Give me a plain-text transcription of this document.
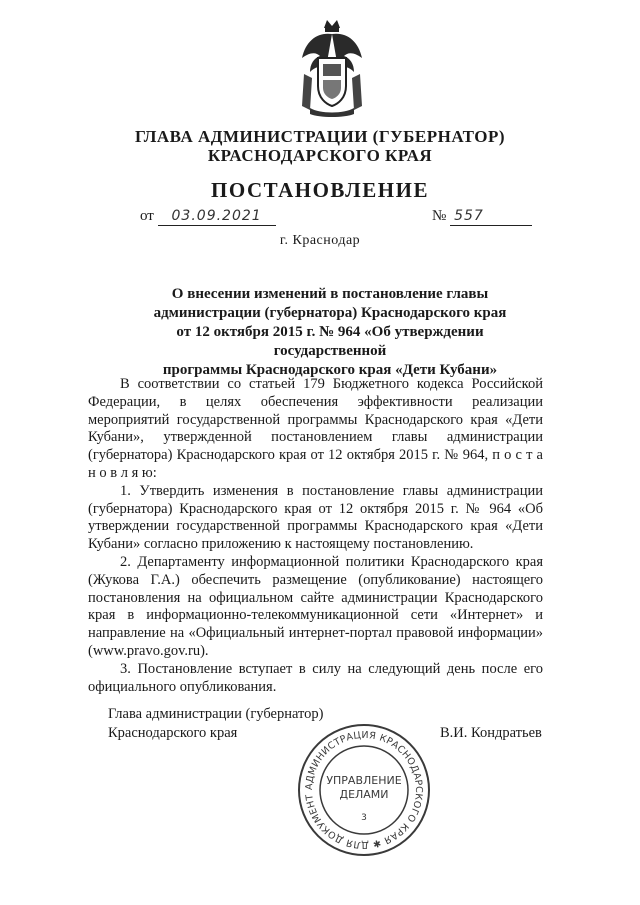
ГЛАВА АДМИНИСТРАЦИИ (ГУБЕРНАТОР)
КРАСНОДАРСКОГО КРАЯ
ПОСТАНОВЛЕНИЕ
от 03.09.2021	№ 557
г. Краснодар
О внесении изменений в постановление главы
администрации (губернатора) Краснодарского края
от 12 октября 2015 г. № 964 «Об утверждении государственной
программы Краснодарского края «Дети Кубани»

В соответствии со статьей 179 Бюджетного кодекса Российской Федерации, в целях обеспечения эффективности реализации мероприятий государственной программы Краснодарского края «Дети Кубани», утвержденной постановлением главы администрации (губернатора) Краснодарского края от 12 октября 2015 г. № 964, п о с т а н о в л я ю:

1. Утвердить изменения в постановление главы администрации (губернатора) Краснодарского края от 12 октября 2015 г. № 964 «Об утверждении государственной программы Краснодарского края «Дети Кубани» согласно приложению к настоящему постановлению.

2. Департаменту информационной политики Краснодарского края (Жукова Г.А.) обеспечить размещение (опубликование) настоящего постановления на официальном сайте администрации Краснодарского края в информационно-телекоммуникационной сети «Интернет» и направление на «Официальный интернет-портал правовой информации» (www.pravo.gov.ru).

3. Постановление вступает в силу на следующий день после его официального опубликования.

Глава администрации (губернатор)
Краснодарского края	В.И. Кондратьев
АДМИНИСТРАЦИЯ КРАСНОДАРСКОГО КРАЯ ✱ ДЛЯ ДОКУМЕНТ
УПРАВЛЕНИЕ
ДЕЛАМИ
3
